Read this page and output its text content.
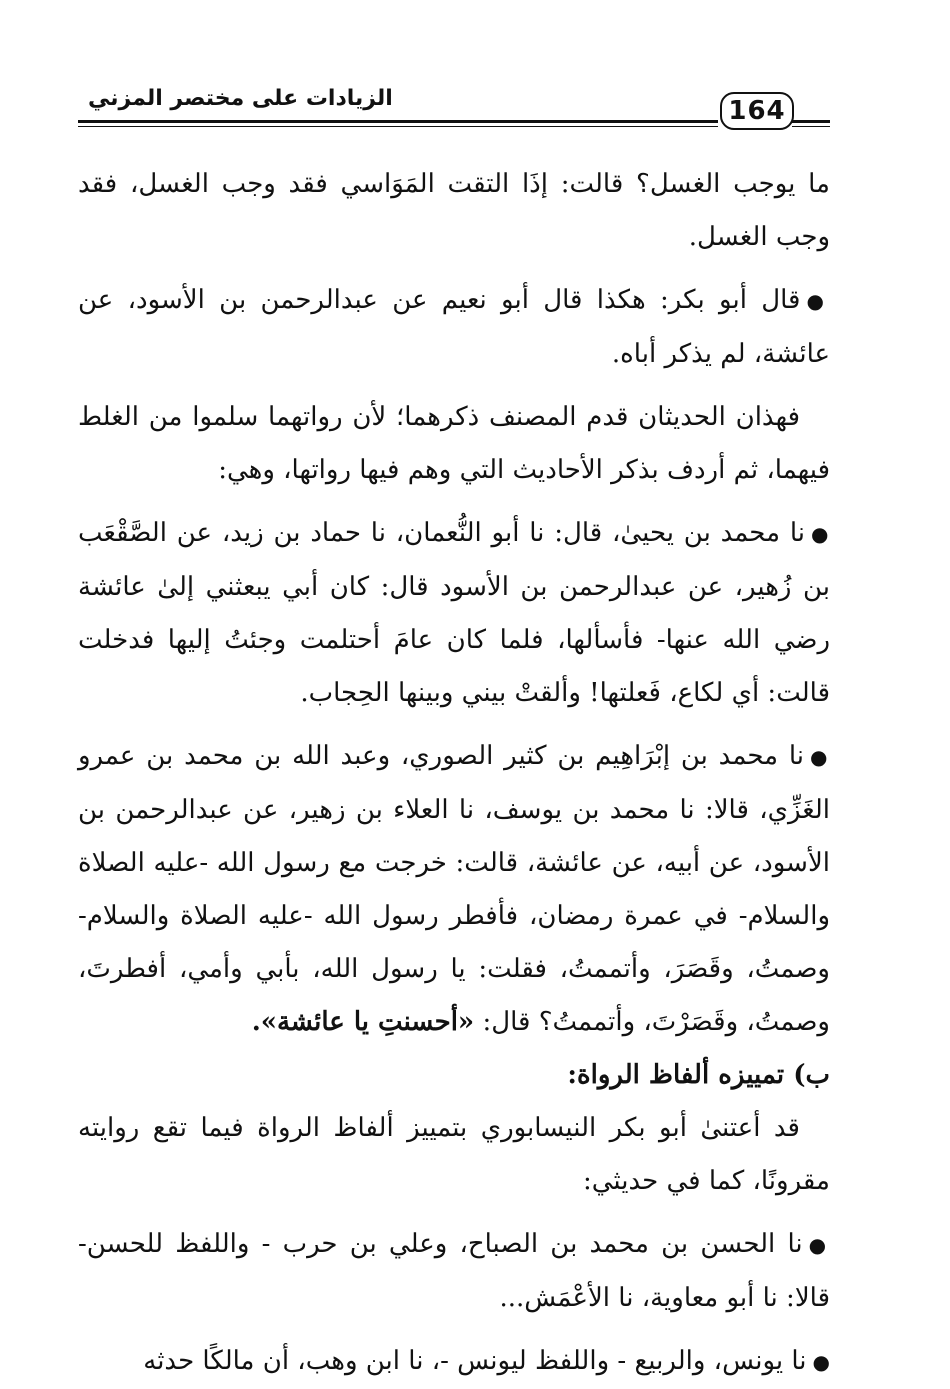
الزيادات على مختصر المزني	164

ما يوجب الغسل؟ قالت: إذَا التقت المَوَاسي فقد وجب الغسل، فقد وجب الغسل.

●قال أبو بكر: هكذا قال أبو نعيم عن عبدالرحمن بن الأسود، عن عائشة، لم يذكر أباه.

فهذان الحديثان قدم المصنف ذكرهما؛ لأن رواتهما سلموا من الغلط فيهما، ثم أردف بذكر الأحاديث التي وهم فيها رواتها، وهي:

●نا محمد بن يحيىٰ، قال: نا أبو النُّعمان، نا حماد بن زيد، عن الصَّقْعَب بن زُهير، عن عبدالرحمن بن الأسود قال: كان أبي يبعثني إلىٰ عائشة رضي الله عنها- فأسألها، فلما كان عامَ أحتلمت وجئتُ إليها فدخلت قالت: أي لكاع، فَعلتها! وألقتْ بيني وبينها الحِجاب.

●نا محمد بن إبْرَاهِيم بن كثير الصوري، وعبد الله بن محمد بن عمرو الغَزِّي، قالا: نا محمد بن يوسف، نا العلاء بن زهير، عن عبدالرحمن بن الأسود، عن أبيه، عن عائشة، قالت: خرجت مع رسول الله -عليه الصلاة والسلام- في عمرة رمضان، فأفطر رسول الله -عليه الصلاة والسلام- وصمتُ، وقَصَرَ، وأتممتُ، فقلت: يا رسول الله، بأبي وأمي، أفطرتَ، وصمتُ، وقَصَرْتَ، وأتممتُ؟ قال: «أحسنتِ يا عائشة».

ب) تمييزه ألفاظ الرواة:

قد أعتنىٰ أبو بكر النيسابوري بتمييز ألفاظ الرواة فيما تقع روايته مقرونًا، كما في حديثي:

●نا الحسن بن محمد بن الصباح، وعلي بن حرب - واللفظ للحسن- قالا: نا أبو معاوية، نا الأعْمَش...

●نا يونس، والربيع - واللفظ ليونس -، نا ابن وهب، أن مالكًا حدثه
